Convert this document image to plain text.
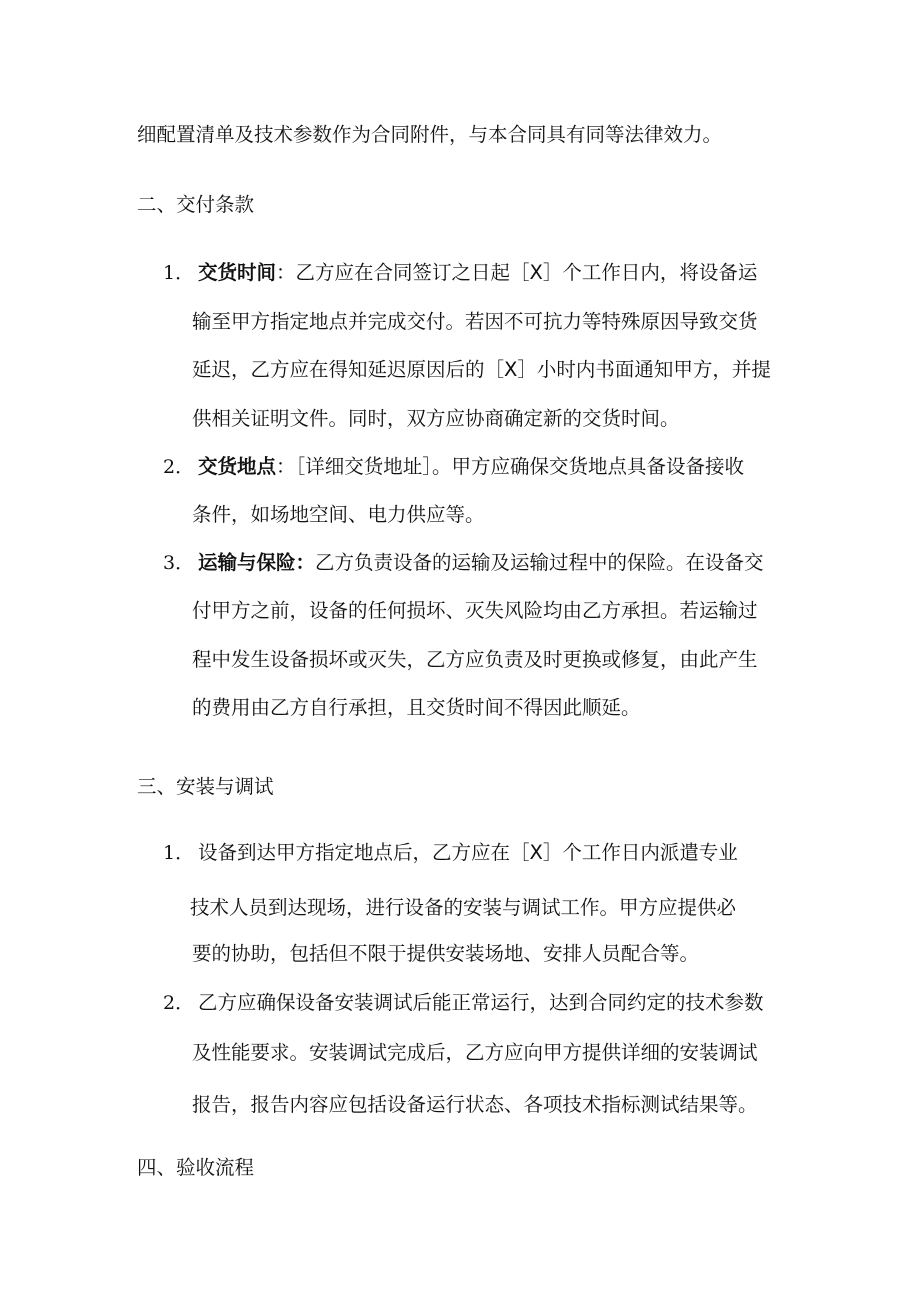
细配置清单及技术参数作为合同附件，与本合同具有同等法律效力。
二、交付条款
1． 交货时间：乙方应在合同签订之日起［X］个工作日内，将设备运
输至甲方指定地点并完成交付。若因不可抗力等特殊原因导致交货
延迟，乙方应在得知延迟原因后的［X］小时内书面通知甲方，并提
供相关证明文件。同时，双方应协商确定新的交货时间。
2． 交货地点：［详细交货地址］。甲方应确保交货地点具备设备接收
条件，如场地空间、电力供应等。
3． 运输与保险：乙方负责设备的运输及运输过程中的保险。在设备交
付甲方之前，设备的任何损坏、灭失风险均由乙方承担。若运输过
程中发生设备损坏或灭失，乙方应负责及时更换或修复，由此产生
的费用由乙方自行承担，且交货时间不得因此顺延。
三、安装与调试
1． 设备到达甲方指定地点后，乙方应在［X］个工作日内派遣专业
技术人员到达现场，进行设备的安装与调试工作。甲方应提供必
要的协助，包括但不限于提供安装场地、安排人员配合等。
2． 乙方应确保设备安装调试后能正常运行，达到合同约定的技术参数
及性能要求。安装调试完成后，乙方应向甲方提供详细的安装调试
报告，报告内容应包括设备运行状态、各项技术指标测试结果等。
四、验收流程
